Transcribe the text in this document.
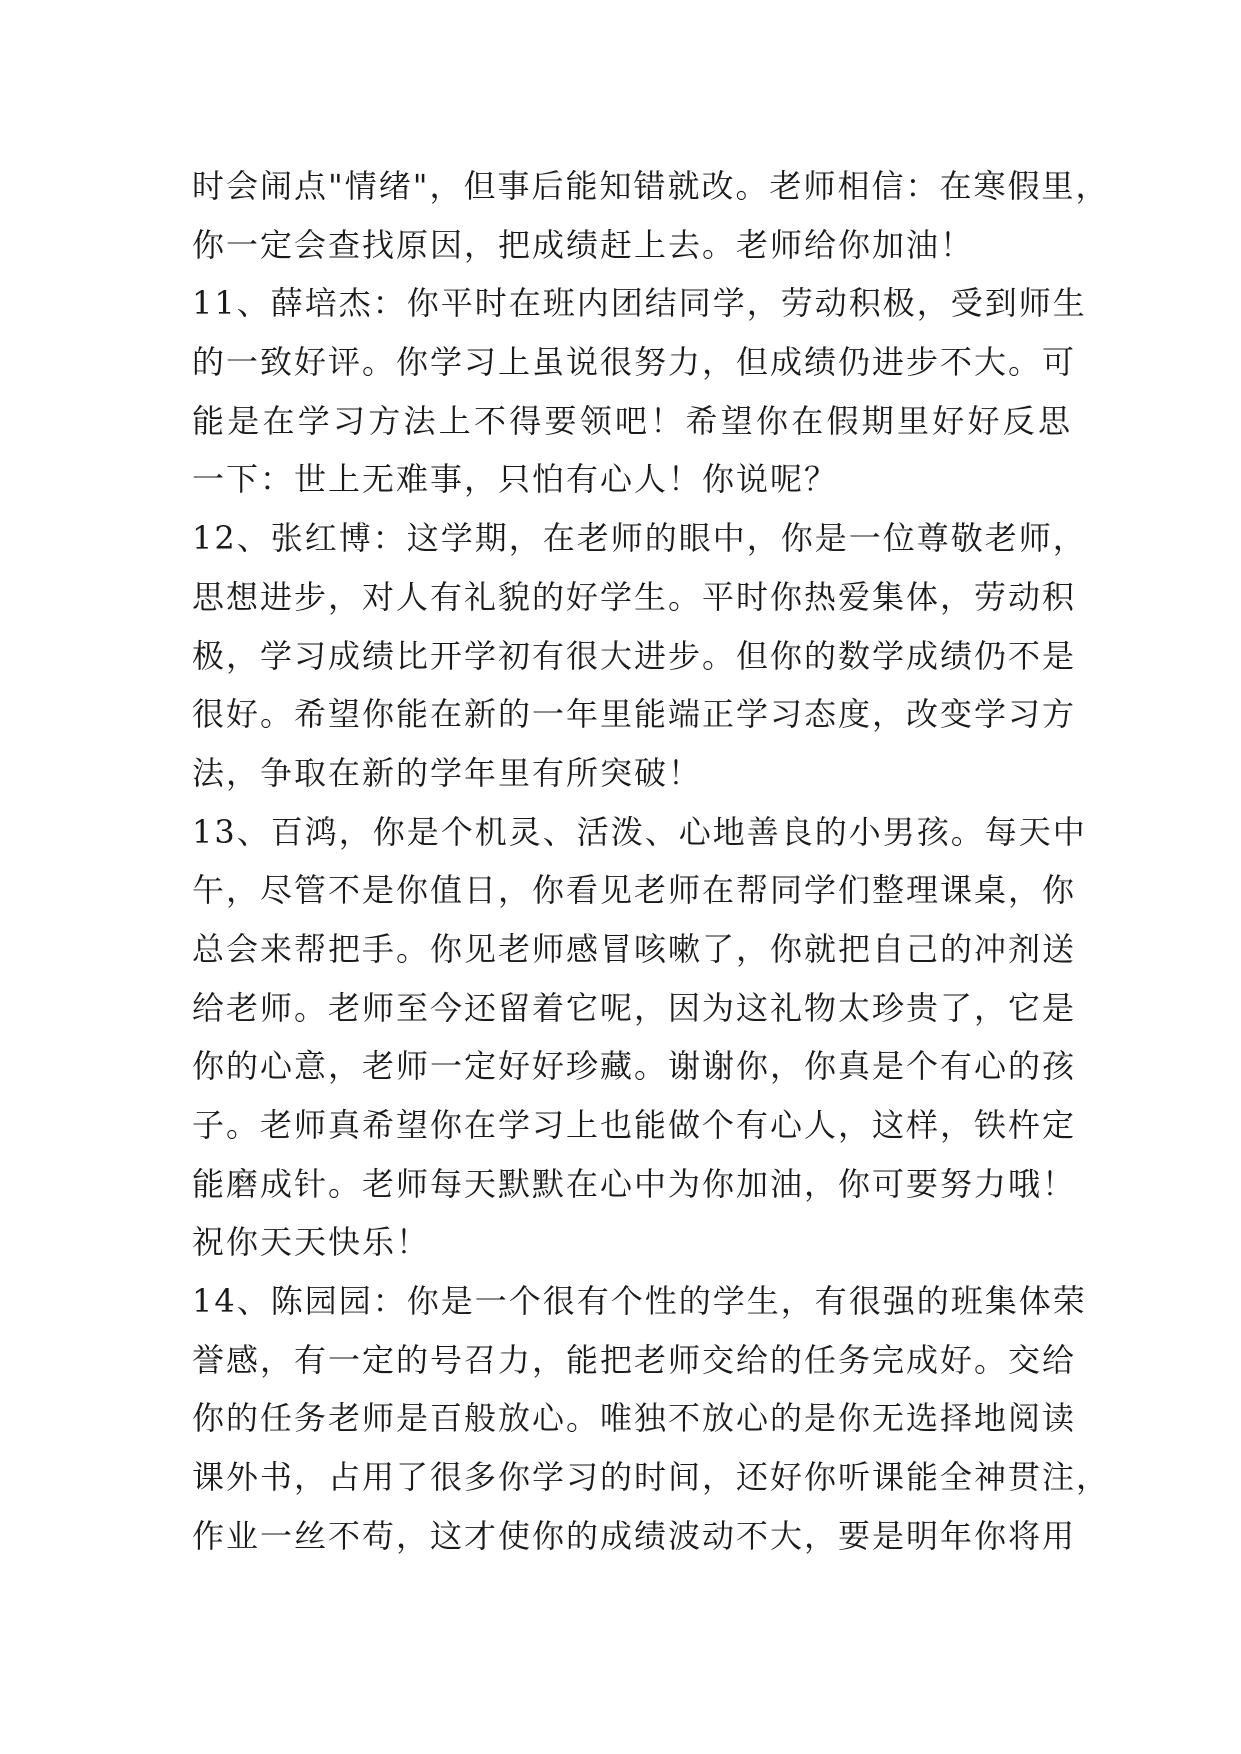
时会闹点"情绪"，但事后能知错就改。老师相信：在寒假里，
你一定会查找原因，把成绩赶上去。老师给你加油！
11、薛培杰：你平时在班内团结同学，劳动积极，受到师生
的一致好评。你学习上虽说很努力，但成绩仍进步不大。可
能是在学习方法上不得要领吧！希望你在假期里好好反思
一下：世上无难事，只怕有心人！你说呢？
12、张红博：这学期，在老师的眼中，你是一位尊敬老师，
思想进步，对人有礼貌的好学生。平时你热爱集体，劳动积
极，学习成绩比开学初有很大进步。但你的数学成绩仍不是
很好。希望你能在新的一年里能端正学习态度，改变学习方
法，争取在新的学年里有所突破！
13、百鸿，你是个机灵、活泼、心地善良的小男孩。每天中
午，尽管不是你值日，你看见老师在帮同学们整理课桌，你
总会来帮把手。你见老师感冒咳嗽了，你就把自己的冲剂送
给老师。老师至今还留着它呢，因为这礼物太珍贵了，它是
你的心意，老师一定好好珍藏。谢谢你，你真是个有心的孩
子。老师真希望你在学习上也能做个有心人，这样，铁杵定
能磨成针。老师每天默默在心中为你加油，你可要努力哦！
祝你天天快乐！
14、陈园园：你是一个很有个性的学生，有很强的班集体荣
誉感，有一定的号召力，能把老师交给的任务完成好。交给
你的任务老师是百般放心。唯独不放心的是你无选择地阅读
课外书，占用了很多你学习的时间，还好你听课能全神贯注，
作业一丝不苟，这才使你的成绩波动不大，要是明年你将用
